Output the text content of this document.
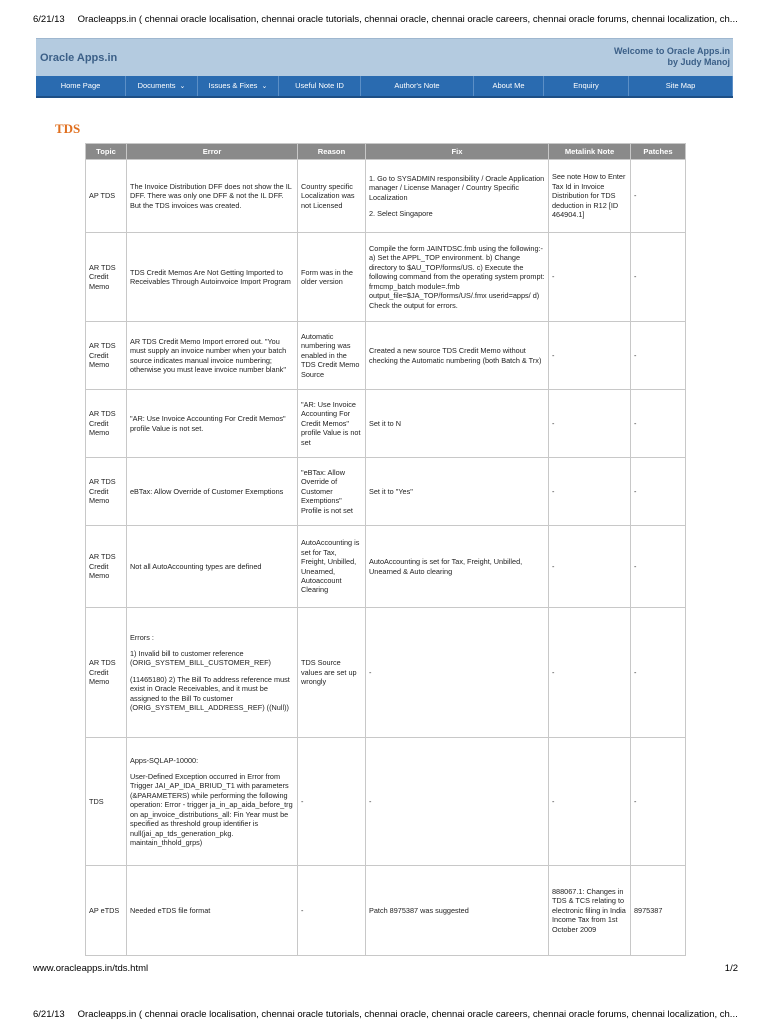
6/21/13 Oracleapps.in ( chennai oracle localisation, chennai oracle tutorials, chennai oracle, chennai oracle careers, chennai oracle forums, chennai localization, ch...
Oracle Apps.in
Welcome to Oracle Apps.in
by Judy Manoj
Home Page	Documents ⌄	Issues & Fixes ⌄	Useful Note ID	Author's Note	About Me	Enquiry	Site Map
TDS
Topic	Error	Reason	Fix	Metalink Note	Patches
AP TDS	The Invoice Distribution DFF does not show the IL DFF. There was only one DFF & not the IL DFF. But the TDS invoices was created.	Country specific Localization was not Licensed	1. Go to SYSADMIN responsibility / Oracle Application manager / License Manager / Country Specific Localization

2. Select Singapore	See note How to Enter Tax Id in Invoice Distribution for TDS deduction in R12 [ID 464904.1]	-
AR TDS Credit Memo	TDS Credit Memos Are Not Getting Imported to Receivables Through Autoinvoice Import Program	Form was in the older version	Compile the form JAINTDSC.fmb using the following:- a) Set the APPL_TOP environment. b) Change directory to $AU_TOP/forms/US. c) Execute the following command from the operating system prompt: frmcmp_batch module=.fmb output_file=$JA_TOP/forms/US/.fmx userid=apps/ d) Check the output for errors.	-	-
AR TDS Credit Memo	AR TDS Credit Memo Import errored out. "You must supply an invoice number when your batch source indicates manual invoice numbering; otherwise you must leave invoice number blank"	Automatic numbering was enabled in the TDS Credit Memo Source	Created a new source TDS Credit Memo without checking the Automatic numbering (both Batch & Trx)	-	-
AR TDS Credit Memo	"AR: Use Invoice Accounting For Credit Memos" profile Value is not set.	"AR: Use Invoice Accounting For Credit Memos" profile Value is not set	Set it to N	-	-
AR TDS Credit Memo	eBTax: Allow Override of Customer Exemptions	"eBTax: Allow Override of Customer Exemptions" Profile is not set	Set it to "Yes"	-	-
AR TDS Credit Memo	Not all AutoAccounting types are defined	AutoAccounting is set for Tax, Freight, Unbilled, Unearned, Autoaccount Clearing	AutoAccounting is set for Tax, Freight, Unbilled, Unearned & Auto clearing	-	-
AR TDS Credit Memo	Errors :

1) Invalid bill to customer reference (ORIG_SYSTEM_BILL_CUSTOMER_REF)

(11465180) 2) The Bill To address reference must exist in Oracle Receivables, and it must be assigned to the Bill To customer (ORIG_SYSTEM_BILL_ADDRESS_REF) ((Null))	TDS Source values are set up wrongly	-	-	-
TDS	Apps-SQLAP-10000:

User-Defined Exception occurred in Error from Trigger JAI_AP_IDA_BRIUD_T1 with parameters (&PARAMETERS) while performing the following operation: Error - trigger ja_in_ap_aida_before_trg on ap_invoice_distributions_all: Fin Year must be specified as threshold group identifier is null(jai_ap_tds_generation_pkg. maintain_thhold_grps)	-	-	-	-
AP eTDS	Needed eTDS file format	-	Patch 8975387 was suggested	888067.1: Changes in TDS & TCS relating to electronic filing in India Income Tax from 1st October 2009	8975387
www.oracleapps.in/tds.html	1/2
6/21/13 Oracleapps.in ( chennai oracle localisation, chennai oracle tutorials, chennai oracle, chennai oracle careers, chennai oracle forums, chennai localization, ch...
